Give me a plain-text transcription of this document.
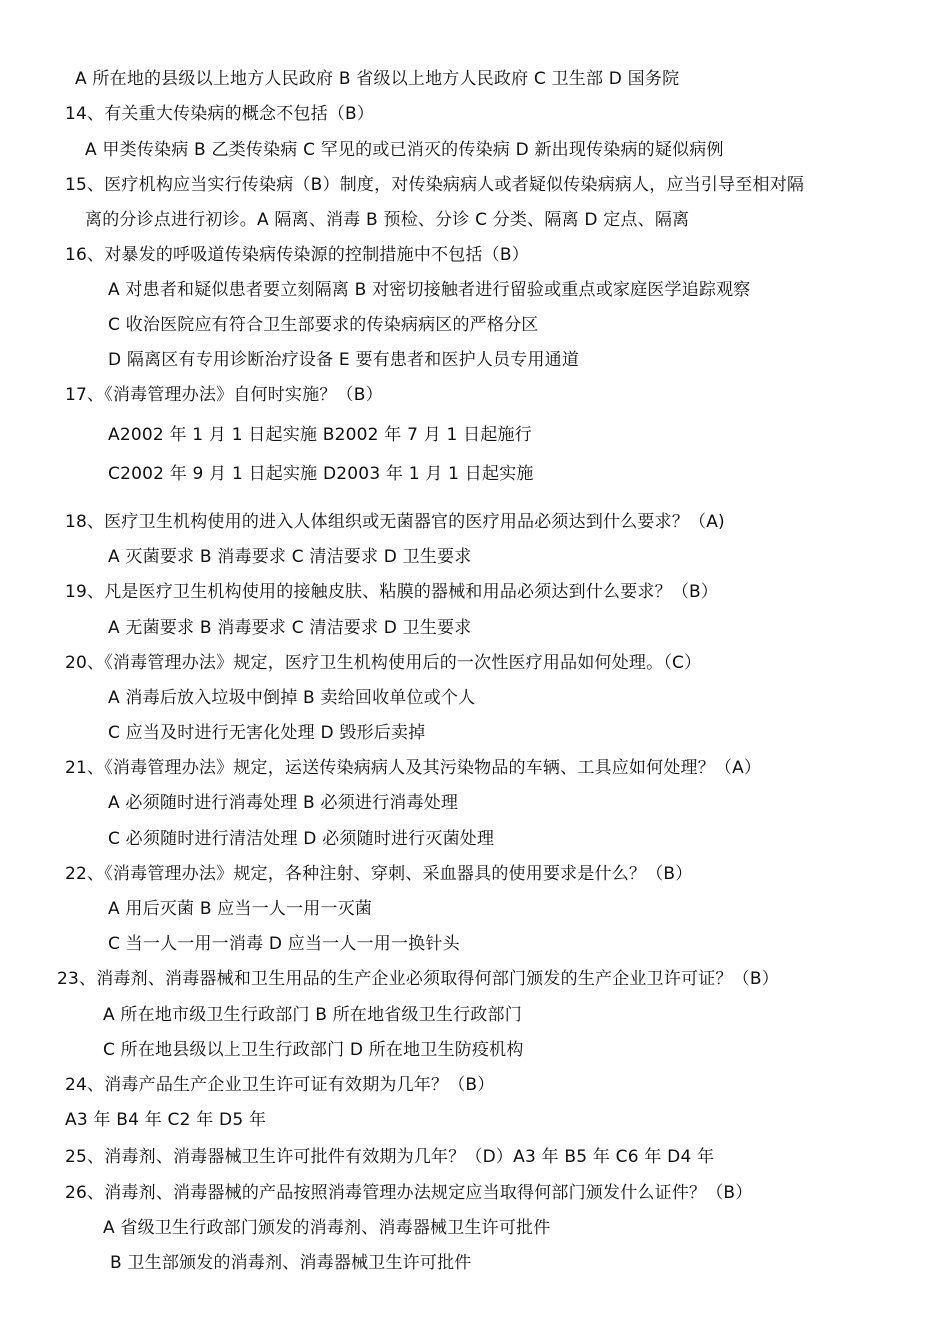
A 所在地的县级以上地方人民政府 B 省级以上地方人民政府 C 卫生部 D 国务院
14、有关重大传染病的概念不包括（B）
A 甲类传染病 B 乙类传染病 C 罕见的或已消灭的传染病 D 新出现传染病的疑似病例
15、医疗机构应当实行传染病（B）制度，对传染病病人或者疑似传染病病人，应当引导至相对隔
离的分诊点进行初诊。A 隔离、消毒 B 预检、分诊 C 分类、隔离 D 定点、隔离
16、对暴发的呼吸道传染病传染源的控制措施中不包括（B）
A 对患者和疑似患者要立刻隔离 B 对密切接触者进行留验或重点或家庭医学追踪观察
C 收治医院应有符合卫生部要求的传染病病区的严格分区
D 隔离区有专用诊断治疗设备 E 要有患者和医护人员专用通道
17、《消毒管理办法》自何时实施？（B）
A2002 年 1 月 1 日起实施 B2002 年 7 月 1 日起施行
C2002 年 9 月 1 日起实施 D2003 年 1 月 1 日起实施
18、医疗卫生机构使用的进入人体组织或无菌器官的医疗用品必须达到什么要求？（A)
A 灭菌要求 B 消毒要求 C 清洁要求 D 卫生要求
19、凡是医疗卫生机构使用的接触皮肤、粘膜的器械和用品必须达到什么要求？（B）
A 无菌要求 B 消毒要求 C 清洁要求 D 卫生要求
20、《消毒管理办法》规定，医疗卫生机构使用后的一次性医疗用品如何处理。（C）
A 消毒后放入垃圾中倒掉 B 卖给回收单位或个人
C 应当及时进行无害化处理 D 毁形后卖掉
21、《消毒管理办法》规定，运送传染病病人及其污染物品的车辆、工具应如何处理？（A）
A 必须随时进行消毒处理 B 必须进行消毒处理
C 必须随时进行清洁处理 D 必须随时进行灭菌处理
22、《消毒管理办法》规定，各种注射、穿刺、采血器具的使用要求是什么？（B）
A 用后灭菌 B 应当一人一用一灭菌
C 当一人一用一消毒 D 应当一人一用一换针头
23、消毒剂、消毒器械和卫生用品的生产企业必须取得何部门颁发的生产企业卫许可证？（B）
A 所在地市级卫生行政部门 B 所在地省级卫生行政部门
C 所在地县级以上卫生行政部门 D 所在地卫生防疫机构
24、消毒产品生产企业卫生许可证有效期为几年？（B）
A3 年 B4 年 C2 年 D5 年
25、消毒剂、消毒器械卫生许可批件有效期为几年？（D）A3 年 B5 年 C6 年 D4 年
26、消毒剂、消毒器械的产品按照消毒管理办法规定应当取得何部门颁发什么证件？（B）
A 省级卫生行政部门颁发的消毒剂、消毒器械卫生许可批件
B 卫生部颁发的消毒剂、消毒器械卫生许可批件
